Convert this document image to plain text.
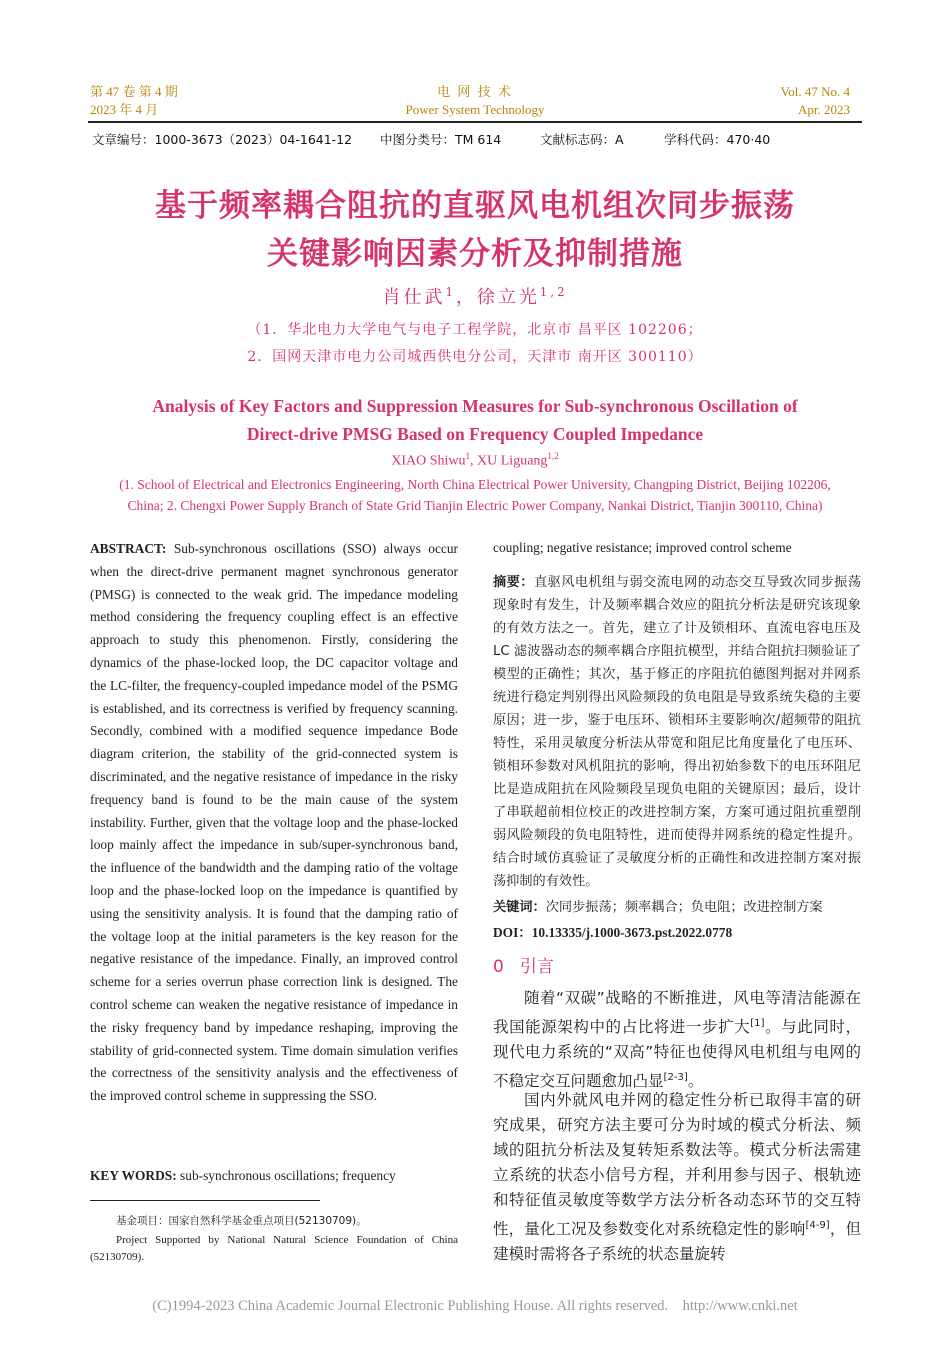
第 47 卷 第 4 期
2023 年 4 月
电 网 技 术
Power System Technology
Vol. 47 No. 4
Apr. 2023
文章编号：1000-3673（2023）04-1641-12 中图分类号：TM 614	文献标志码：A	学科代码：470·40
基于频率耦合阻抗的直驱风电机组次同步振荡
关键影响因素分析及抑制措施
肖仕武$^1$，徐立光$^{1,2}$
（1．华北电力大学电气与电子工程学院，北京市 昌平区 102206；
2．国网天津市电力公司城西供电分公司，天津市 南开区 300110）
Analysis of Key Factors and Suppression Measures for Sub-synchronous Oscillation of
Direct-drive PMSG Based on Frequency Coupled Impedance
XIAO Shiwu$^1$, XU Liguang$^{1,2}$
(1. School of Electrical and Electronics Engineering, North China Electrical Power University, Changping District, Beijing 102206,
China; 2. Chengxi Power Supply Branch of State Grid Tianjin Electric Power Company, Nankai District, Tianjin 300110, China)
ABSTRACT: Sub-synchronous oscillations (SSO) always occur when the direct-drive permanent magnet synchronous generator (PMSG) is connected to the weak grid. The impedance modeling method considering the frequency coupling effect is an effective approach to study this phenomenon. Firstly, considering the dynamics of the phase-locked loop, the DC capacitor voltage and the LC-filter, the frequency-coupled impedance model of the PSMG is established, and its correctness is verified by frequency scanning. Secondly, combined with a modified sequence impedance Bode diagram criterion, the stability of the grid-connected system is discriminated, and the negative resistance of impedance in the risky frequency band is found to be the main cause of the system instability. Further, given that the voltage loop and the phase-locked loop mainly affect the impedance in sub/super-synchronous band, the influence of the bandwidth and the damping ratio of the voltage loop and the phase-locked loop on the impedance is quantified by using the sensitivity analysis. It is found that the damping ratio of the voltage loop at the initial parameters is the key reason for the negative resistance of the impedance. Finally, an improved control scheme for a series overrun phase correction link is designed. The control scheme can weaken the negative resistance of impedance in the risky frequency band by impedance reshaping, improving the stability of grid-connected system. Time domain simulation verifies the correctness of the sensitivity analysis and the effectiveness of the improved control scheme in suppressing the SSO.
KEY WORDS: sub-synchronous oscillations; frequency
基金项目：国家自然科学基金重点项目(52130709)。
Project Supported by National Natural Science Foundation of China (52130709).
coupling; negative resistance; improved control scheme
摘要：直驱风电机组与弱交流电网的动态交互导致次同步振荡现象时有发生，计及频率耦合效应的阻抗分析法是研究该现象的有效方法之一。首先，建立了计及锁相环、直流电容电压及 LC 滤波器动态的频率耦合序阻抗模型，并结合阻抗扫频验证了模型的正确性；其次，基于修正的序阻抗伯德图判据对并网系统进行稳定判别得出风险频段的负电阻是导致系统失稳的主要原因；进一步，鉴于电压环、锁相环主要影响次/超频带的阻抗特性，采用灵敏度分析法从带宽和阻尼比角度量化了电压环、锁相环参数对风机阻抗的影响，得出初始参数下的电压环阻尼比是造成阻抗在风险频段呈现负电阻的关键原因；最后，设计了串联超前相位校正的改进控制方案，方案可通过阻抗重塑削弱风险频段的负电阻特性，进而使得并网系统的稳定性提升。结合时域仿真验证了灵敏度分析的正确性和改进控制方案对振荡抑制的有效性。
关键词：次同步振荡；频率耦合；负电阻；改进控制方案
DOI：10.13335/j.1000-3673.pst.2022.0778
0 引言
随着“双碳”战略的不断推进，风电等清洁能源在我国能源架构中的占比将进一步扩大[1]。与此同时，现代电力系统的“双高”特征也使得风电机组与电网的不稳定交互问题愈加凸显[2-3]。
国内外就风电并网的稳定性分析已取得丰富的研究成果，研究方法主要可分为时域的模式分析法、频域的阻抗分析法及复转矩系数法等。模式分析法需建立系统的状态小信号方程，并利用参与因子、根轨迹和特征值灵敏度等数学方法分析各动态环节的交互特性，量化工况及参数变化对系统稳定性的影响[4-9]，但建模时需将各子系统的状态量旋转
(C)1994-2023 China Academic Journal Electronic Publishing House. All rights reserved. http://www.cnki.net
